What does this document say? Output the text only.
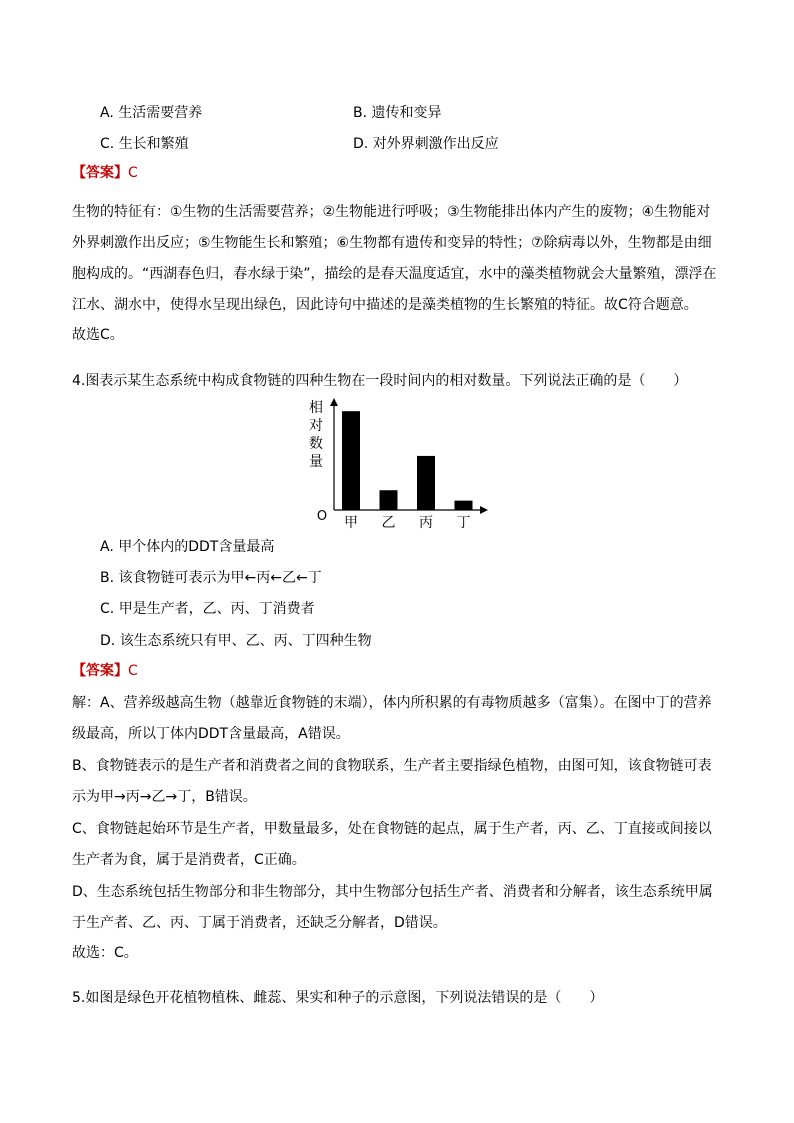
A. 生活需要营养	B. 遗传和变异
C. 生长和繁殖	D. 对外界刺激作出反应
【答案】C
生物的特征有：①生物的生活需要营养；②生物能进行呼吸；③生物能排出体内产生的废物；④生物能对外界刺激作出反应；⑤生物能生长和繁殖；⑥生物都有遗传和变异的特性；⑦除病毒以外，生物都是由细胞构成的。“西湖春色归，春水绿于染”，描绘的是春天温度适宜，水中的藻类植物就会大量繁殖，漂浮在江水、湖水中，使得水呈现出绿色，因此诗句中描述的是藻类植物的生长繁殖的特征。故C符合题意。
故选C。
4.图表示某生态系统中构成食物链的四种生物在一段时间内的相对数量。下列说法正确的是（　　）
相
对
数
量
O 甲 乙 丙 丁
A. 甲个体内的DDT含量最高
B. 该食物链可表示为甲←丙←乙←丁
C. 甲是生产者，乙、丙、丁消费者
D. 该生态系统只有甲、乙、丙、丁四种生物
【答案】C
解：A、营养级越高生物（越靠近食物链的末端），体内所积累的有毒物质越多（富集）。在图中丁的营养级最高，所以丁体内DDT含量最高，A错误。
B、食物链表示的是生产者和消费者之间的食物联系，生产者主要指绿色植物，由图可知，该食物链可表示为甲→丙→乙→丁，B错误。
C、食物链起始环节是生产者，甲数量最多，处在食物链的起点，属于生产者，丙、乙、丁直接或间接以生产者为食，属于是消费者，C正确。
D、生态系统包括生物部分和非生物部分，其中生物部分包括生产者、消费者和分解者，该生态系统甲属于生产者、乙、丙、丁属于消费者，还缺乏分解者，D错误。
故选：C。
5.如图是绿色开花植物植株、雌蕊、果实和种子的示意图，下列说法错误的是（　　）
